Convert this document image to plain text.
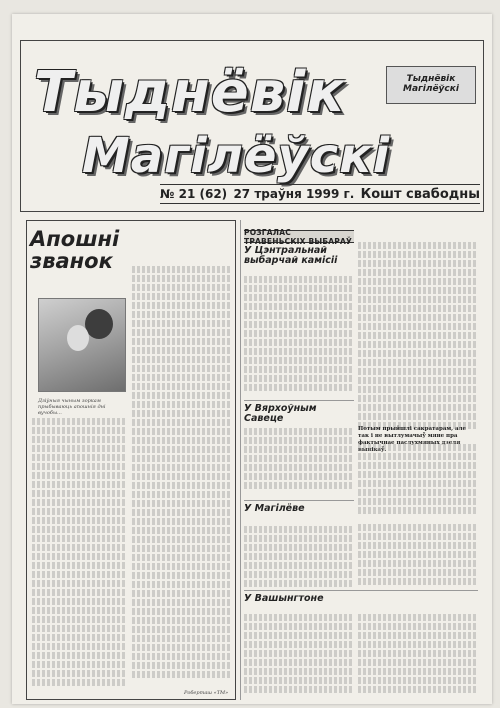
Тыднёвік
Магілёўскі
Тыднёвік
Магілёўскі
№ 21 (62) 27 траўня 1999 г. Кошт свабодны
Апошні званок
Дзіўныя чыным зоркам прыбываюць апошнія дні вучобы...
Роберташ «ТМ»
РОЗГАЛАС ТРАВЕНЬСКІХ ВЫБАРАЎ
У Цэнтральнай выбарчай камісіі
Потым прыйшлі сакратарам, але так і не вытлумачыў мяне пра фактычнае паслухмяных дзеля вынікаў.
У Вярхоўным Савеце
У Магілёве
У Вашынгтоне
